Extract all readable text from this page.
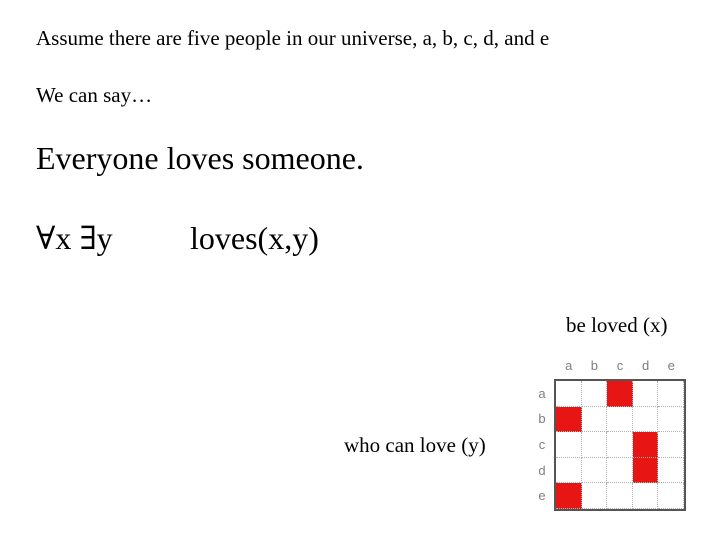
Assume there are five people in our universe, a, b, c, d, and e
We can say…
Everyone loves someone.
∀x ∃y loves(x,y)
be loved (x)
who can love (y)
a	b	c	d	e
a
b
c
d
e
